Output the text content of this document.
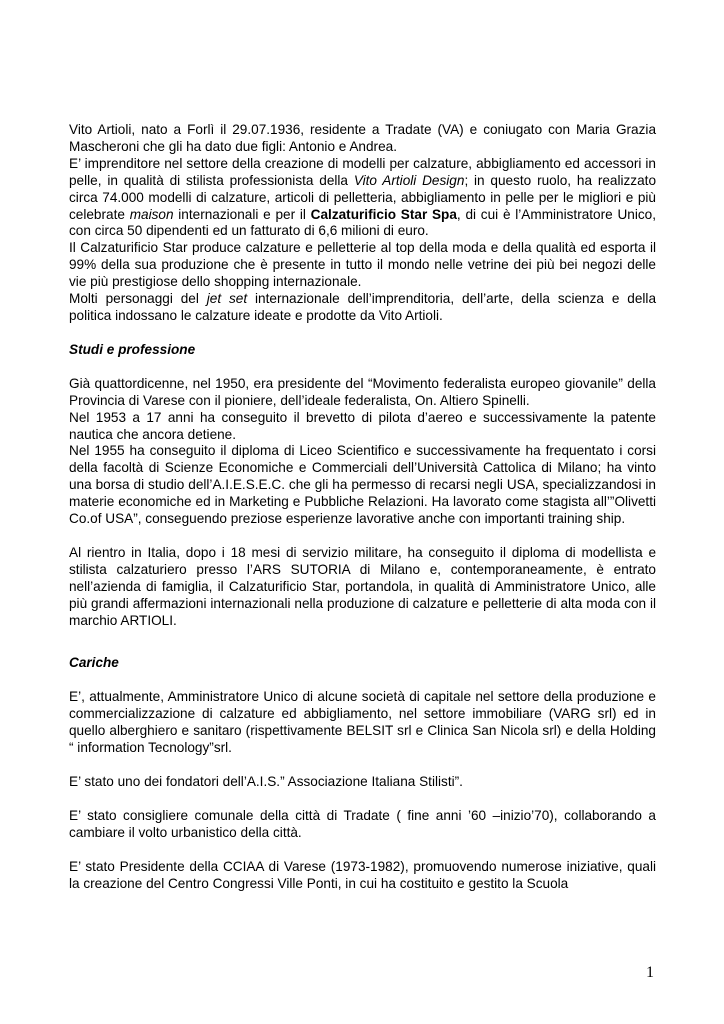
Vito Artioli, nato a Forlì il 29.07.1936, residente a Tradate (VA) e coniugato con Maria Grazia Mascheroni che gli ha dato due figli: Antonio e Andrea.

E’ imprenditore nel settore della creazione di modelli per calzature, abbigliamento ed accessori in pelle, in qualità di stilista professionista della Vito Artioli Design; in questo ruolo, ha realizzato circa 74.000 modelli di calzature, articoli di pelletteria, abbigliamento in pelle per le migliori e più celebrate maison internazionali e per il Calzaturificio Star Spa, di cui è l’Amministratore Unico, con circa 50 dipendenti ed un fatturato di 6,6 milioni di euro.

Il Calzaturificio Star produce calzature e pelletterie al top della moda e della qualità ed esporta il 99% della sua produzione che è presente in tutto il mondo nelle vetrine dei più bei negozi delle vie più prestigiose dello shopping internazionale.

Molti personaggi del jet set internazionale dell’imprenditoria, dell’arte, della scienza e della politica indossano le calzature ideate e prodotte da Vito Artioli.

Studi e professione

Già quattordicenne, nel 1950, era presidente del “Movimento federalista europeo giovanile” della Provincia di Varese con il pioniere, dell’ideale federalista, On. Altiero Spinelli.

Nel 1953 a 17 anni ha conseguito il brevetto di pilota d’aereo e successivamente la patente nautica che ancora detiene.

Nel 1955 ha conseguito il diploma di Liceo Scientifico e successivamente ha frequentato i corsi della facoltà di Scienze Economiche e Commerciali dell’Università Cattolica di Milano; ha vinto una borsa di studio dell’A.I.E.S.E.C. che gli ha permesso di recarsi negli USA, specializzandosi in materie economiche ed in Marketing e Pubbliche Relazioni. Ha lavorato come stagista all’”Olivetti Co.of USA”, conseguendo preziose esperienze lavorative anche con importanti training ship.

Al rientro in Italia, dopo i 18 mesi di servizio militare, ha conseguito il diploma di modellista e stilista calzaturiero presso l’ARS SUTORIA di Milano e, contemporaneamente, è entrato nell’azienda di famiglia, il Calzaturificio Star, portandola, in qualità di Amministratore Unico, alle più grandi affermazioni internazionali nella produzione di calzature e pelletterie di alta moda con il marchio ARTIOLI.

Cariche

E’, attualmente, Amministratore Unico di alcune società di capitale nel settore della produzione e commercializzazione di calzature ed abbigliamento, nel settore immobiliare (VARG srl) ed in quello alberghiero e sanitaro (rispettivamente BELSIT srl e Clinica San Nicola srl) e della Holding “ information Tecnology”srl.

E’ stato uno dei fondatori dell’A.I.S.” Associazione Italiana Stilisti”.

E’ stato consigliere comunale della città di Tradate ( fine anni ’60 –inizio’70), collaborando a cambiare il volto urbanistico della città.

E’ stato Presidente della CCIAA di Varese (1973-1982), promuovendo numerose iniziative, quali la creazione del Centro Congressi Ville Ponti, in cui ha costituito e gestito la Scuola

1
